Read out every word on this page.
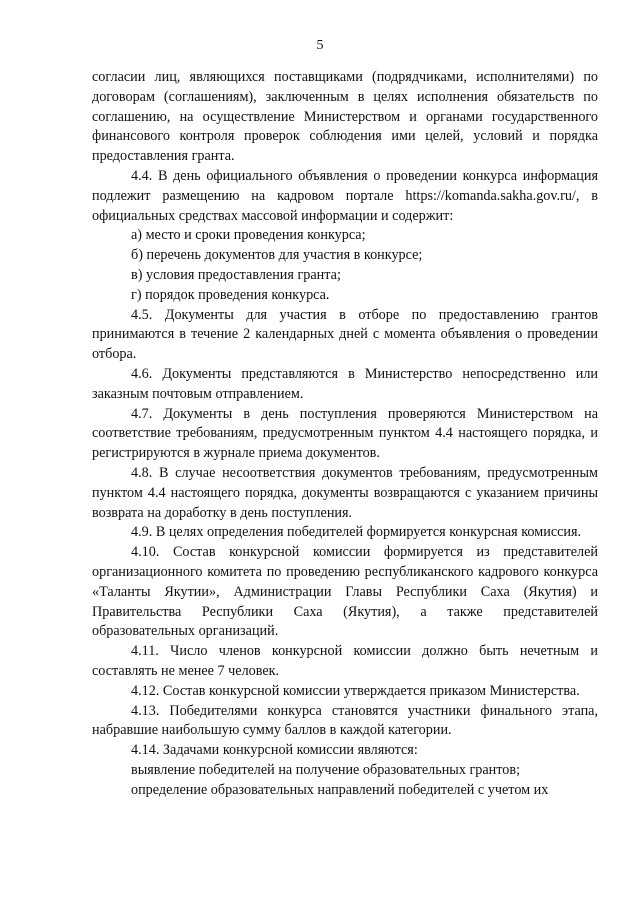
5

согласии лиц, являющихся поставщиками (подрядчиками, исполнителями) по договорам (соглашениям), заключенным в целях исполнения обязательств по соглашению, на осуществление Министерством и органами государственного финансового контроля проверок соблюдения ими целей, условий и порядка предоставления гранта.

4.4. В день официального объявления о проведении конкурса информация подлежит размещению на кадровом портале https://komanda.sakha.gov.ru/, в официальных средствах массовой информации и содержит:

а) место и сроки проведения конкурса;

б) перечень документов для участия в конкурсе;

в) условия предоставления гранта;

г) порядок проведения конкурса.

4.5. Документы для участия в отборе по предоставлению грантов принимаются в течение 2 календарных дней с момента объявления о проведении отбора.

4.6. Документы представляются в Министерство непосредственно или заказным почтовым отправлением.

4.7. Документы в день поступления проверяются Министерством на соответствие требованиям, предусмотренным пунктом 4.4 настоящего порядка, и регистрируются в журнале приема документов.

4.8. В случае несоответствия документов требованиям, предусмотренным пунктом 4.4 настоящего порядка, документы возвращаются с указанием причины возврата на доработку в день поступления.

4.9. В целях определения победителей формируется конкурсная комиссия.

4.10. Состав конкурсной комиссии формируется из представителей организационного комитета по проведению республиканского кадрового конкурса «Таланты Якутии», Администрации Главы Республики Саха (Якутия) и Правительства Республики Саха (Якутия), а также представителей образовательных организаций.

4.11. Число членов конкурсной комиссии должно быть нечетным и составлять не менее 7 человек.

4.12. Состав конкурсной комиссии утверждается приказом Министерства.

4.13. Победителями конкурса становятся участники финального этапа, набравшие наибольшую сумму баллов в каждой категории.

4.14. Задачами конкурсной комиссии являются:

выявление победителей на получение образовательных грантов;

определение образовательных направлений победителей с учетом их
